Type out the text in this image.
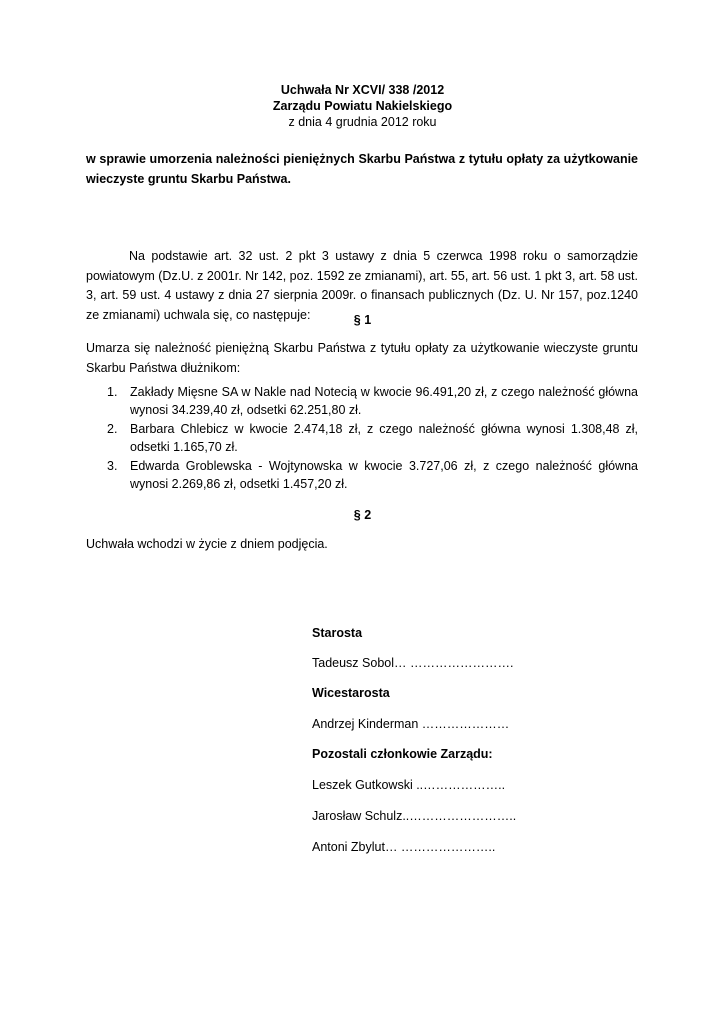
Uchwała Nr XCVI/ 338 /2012
Zarządu Powiatu Nakielskiego
z dnia 4 grudnia 2012 roku
w sprawie umorzenia należności pieniężnych Skarbu Państwa z tytułu opłaty za użytkowanie wieczyste gruntu Skarbu Państwa.
Na podstawie art. 32 ust. 2 pkt 3 ustawy z dnia 5 czerwca 1998 roku o samorządzie powiatowym (Dz.U. z 2001r. Nr 142, poz. 1592 ze zmianami), art. 55, art. 56 ust. 1 pkt 3, art. 58 ust. 3, art. 59 ust. 4 ustawy z dnia 27 sierpnia 2009r. o finansach publicznych (Dz. U. Nr 157, poz.1240 ze zmianami) uchwala się, co następuje:	§ 1
Umarza się należność pieniężną Skarbu Państwa z tytułu opłaty za użytkowanie wieczyste gruntu Skarbu Państwa dłużnikom:
1. Zakłady Mięsne SA w Nakle nad Notecią w kwocie 96.491,20 zł, z czego należność główna wynosi 34.239,40 zł, odsetki 62.251,80 zł.
2. Barbara Chlebicz w kwocie 2.474,18 zł, z czego należność główna wynosi 1.308,48 zł, odsetki 1.165,70 zł.
3. Edwarda Groblewska - Wojtynowska w kwocie 3.727,06 zł, z czego należność główna wynosi 2.269,86 zł, odsetki 1.457,20 zł.
§ 2
Uchwała wchodzi w życie z dniem podjęcia.
Starosta
Tadeusz Sobol… …………………….
Wicestarosta
Andrzej Kinderman …………………
Pozostali członkowie Zarządu:
Leszek Gutkowski ..………………..
Jarosław Schulz..……………………..
Antoni Zbylut… …………………..
